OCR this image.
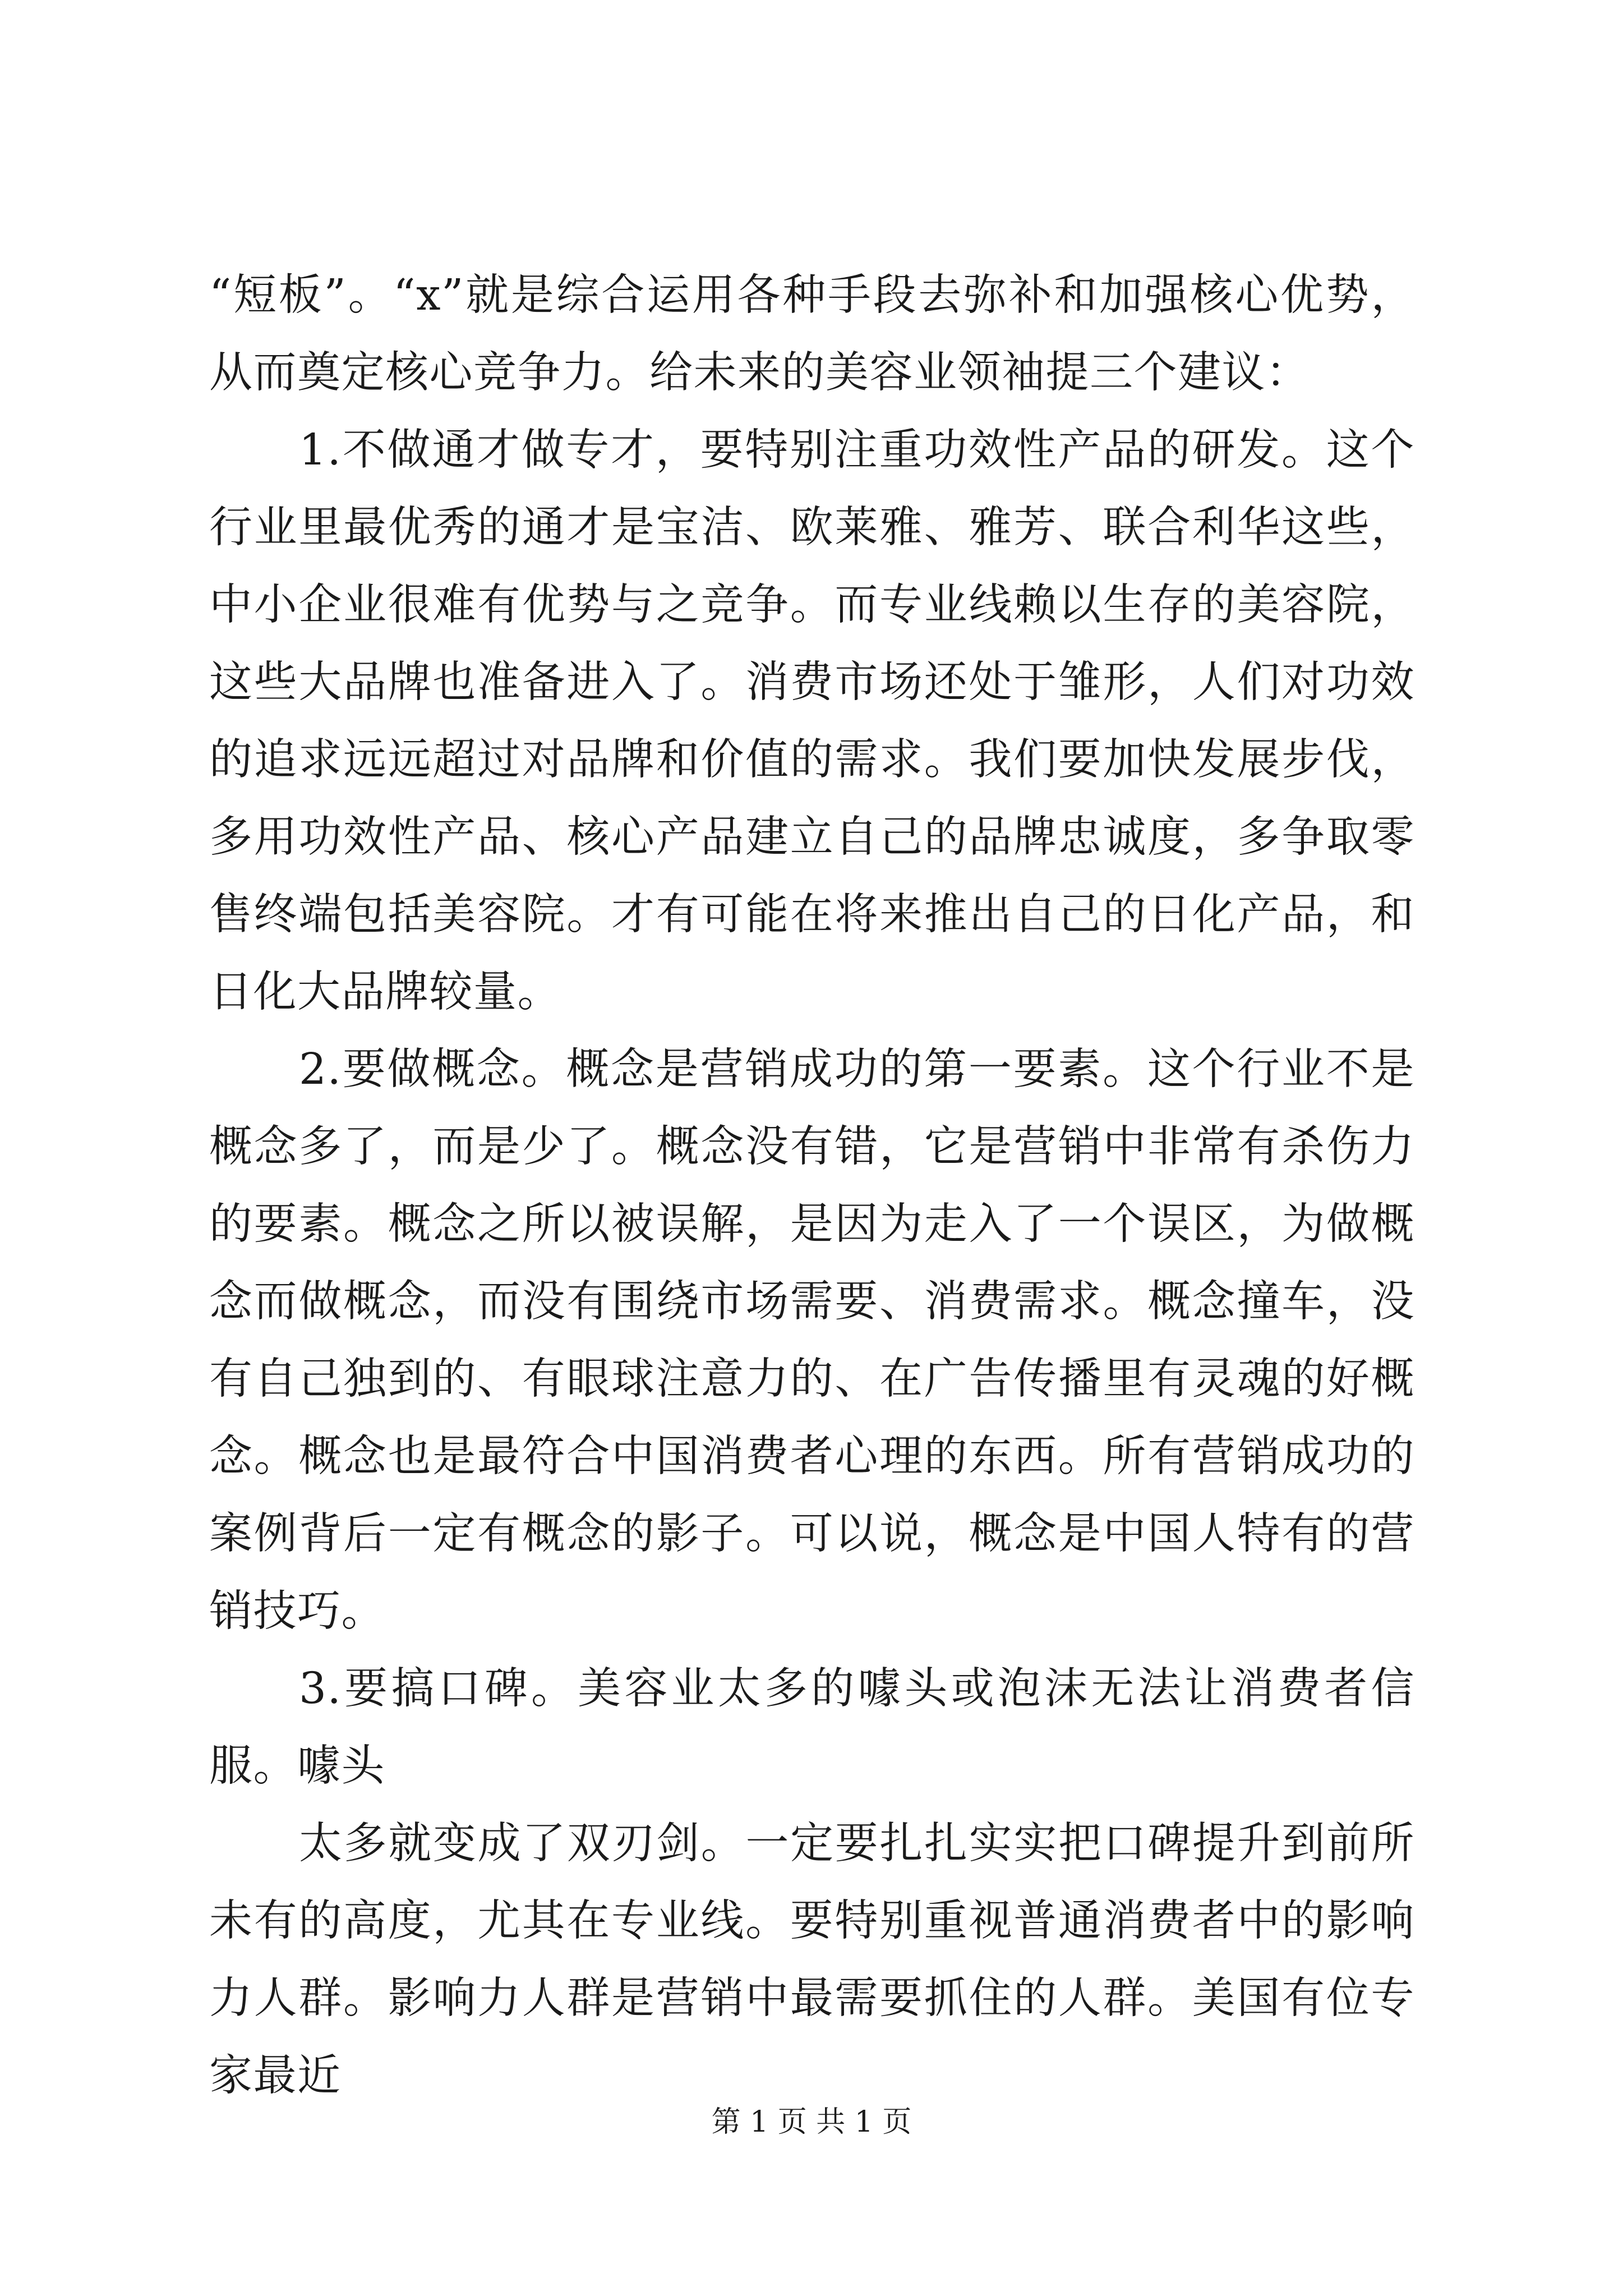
“短板”。“x”就是综合运用各种手段去弥补和加强核心优势，从而奠定核心竞争力。给未来的美容业领袖提三个建议：

1.不做通才做专才，要特别注重功效性产品的研发。这个行业里最优秀的通才是宝洁、欧莱雅、雅芳、联合利华这些，中小企业很难有优势与之竞争。而专业线赖以生存的美容院，这些大品牌也准备进入了。消费市场还处于雏形，人们对功效的追求远远超过对品牌和价值的需求。我们要加快发展步伐，多用功效性产品、核心产品建立自己的品牌忠诚度，多争取零售终端包括美容院。才有可能在将来推出自己的日化产品，和日化大品牌较量。

2.要做概念。概念是营销成功的第一要素。这个行业不是概念多了，而是少了。概念没有错，它是营销中非常有杀伤力的要素。概念之所以被误解，是因为走入了一个误区，为做概念而做概念，而没有围绕市场需要、消费需求。概念撞车，没有自己独到的、有眼球注意力的、在广告传播里有灵魂的好概念。概念也是最符合中国消费者心理的东西。所有营销成功的案例背后一定有概念的影子。可以说，概念是中国人特有的营销技巧。

3.要搞口碑。美容业太多的噱头或泡沫无法让消费者信服。噱头

太多就变成了双刃剑。一定要扎扎实实把口碑提升到前所未有的高度，尤其在专业线。要特别重视普通消费者中的影响力人群。影响力人群是营销中最需要抓住的人群。美国有位专家最近

第 1 页 共 1 页
